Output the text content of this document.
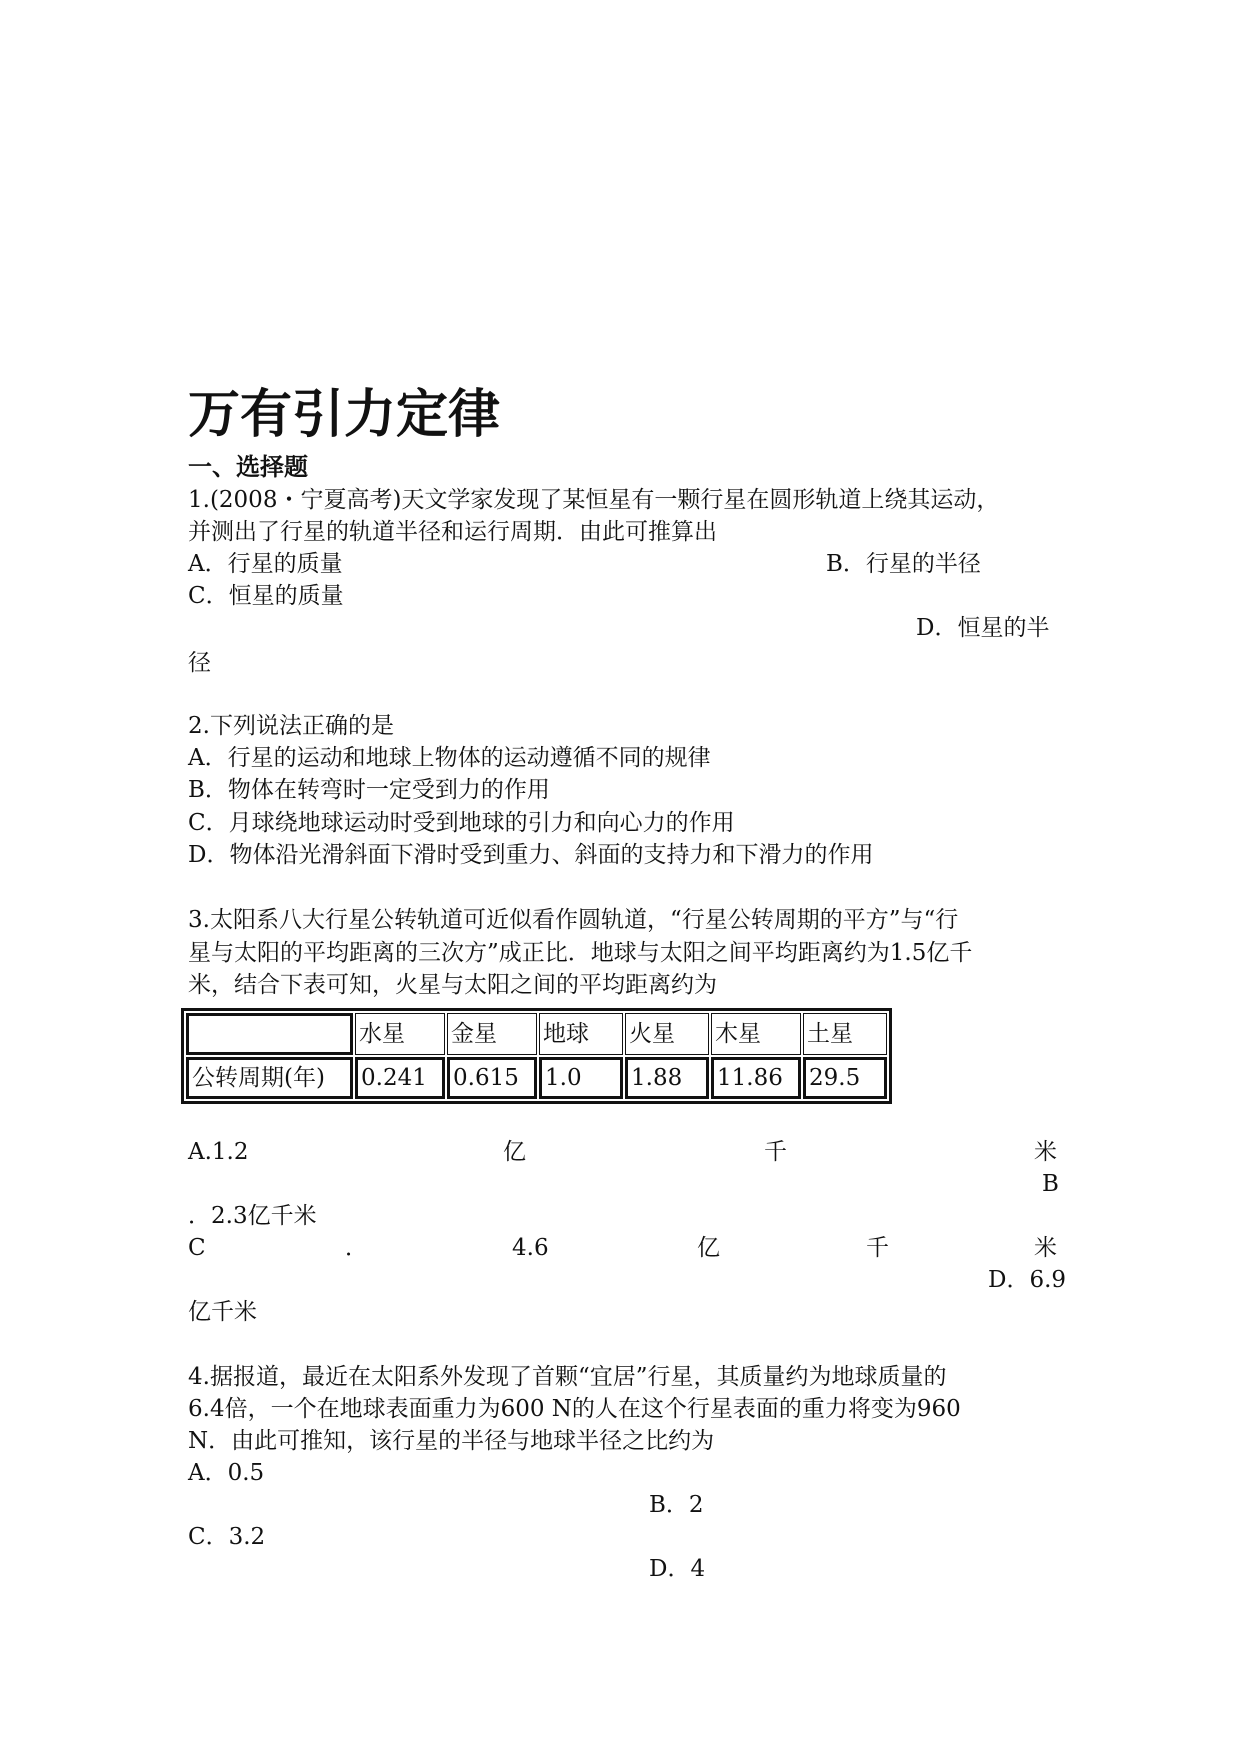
万有引力定律
一、选择题
1.(2008・宁夏高考)天文学家发现了某恒星有一颗行星在圆形轨道上绕其运动，
并测出了行星的轨道半径和运行周期．由此可推算出
A．行星的质量	B．行星的半径
C．恒星的质量
D．恒星的半
径
2.下列说法正确的是
A．行星的运动和地球上物体的运动遵循不同的规律
B．物体在转弯时一定受到力的作用
C．月球绕地球运动时受到地球的引力和向心力的作用
D．物体沿光滑斜面下滑时受到重力、斜面的支持力和下滑力的作用
3.太阳系八大行星公转轨道可近似看作圆轨道，“行星公转周期的平方”与“行
星与太阳的平均距离的三次方”成正比．地球与太阳之间平均距离约为1.5亿千
米，结合下表可知，火星与太阳之间的平均距离约为
	水星	金星	地球	火星	木星	土星
公转周期(年)	0.241	0.615	1.0	1.88	11.86	29.5
A.1.2	亿	千	米
B
．2.3亿千米
C	．	4.6	亿	千	米
D．6.9
亿千米
4.据报道，最近在太阳系外发现了首颗“宜居”行星，其质量约为地球质量的
6.4倍，一个在地球表面重力为600 N的人在这个行星表面的重力将变为960
N．由此可推知，该行星的半径与地球半径之比约为
A．0.5
B．2
C．3.2
D．4
